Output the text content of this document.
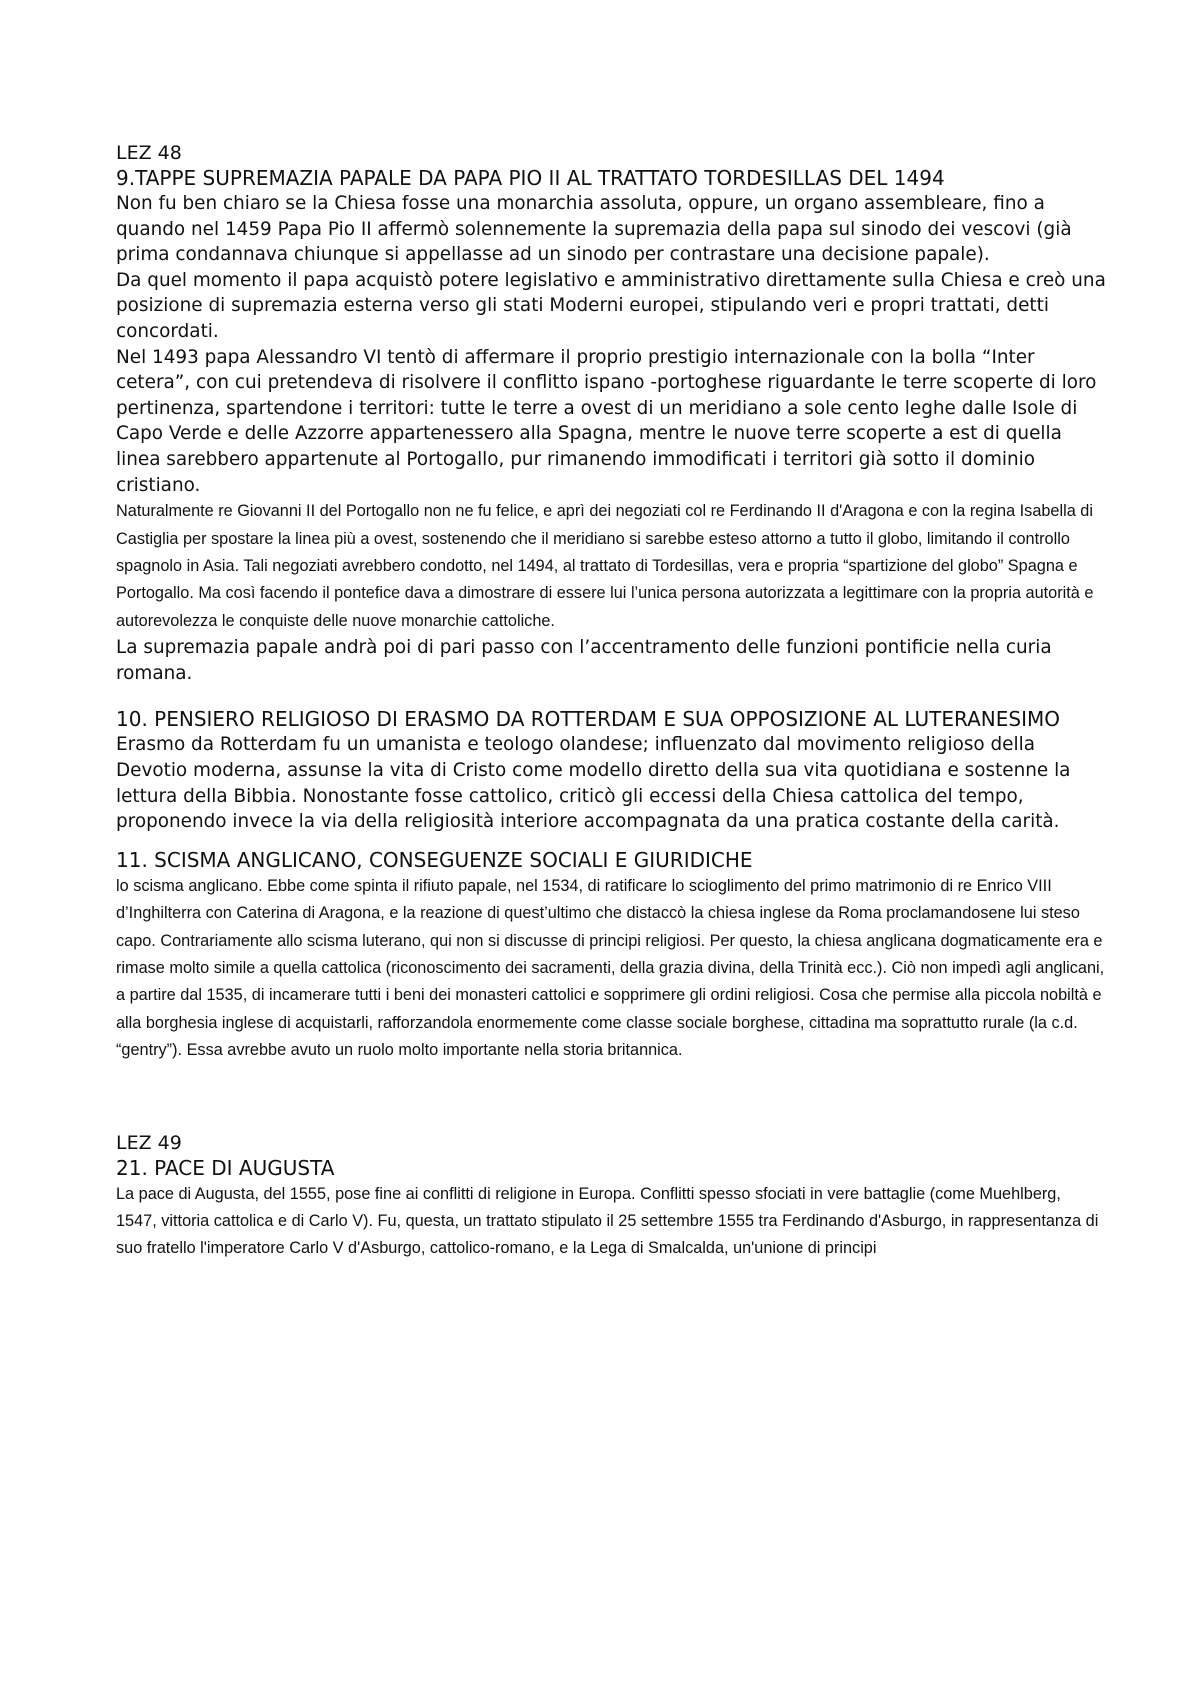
LEZ 48

9.TAPPE SUPREMAZIA PAPALE DA PAPA PIO II AL TRATTATO TORDESILLAS DEL 1494

Non fu ben chiaro se la Chiesa fosse una monarchia assoluta, oppure, un organo assembleare, fino a quando nel 1459 Papa Pio II affermò solennemente la supremazia della papa sul sinodo dei vescovi (già prima condannava chiunque si appellasse ad un sinodo per contrastare una decisione papale).

Da quel momento il papa acquistò potere legislativo e amministrativo direttamente sulla Chiesa e creò una posizione di supremazia esterna verso gli stati Moderni europei, stipulando veri e propri trattati, detti concordati.

Nel 1493 papa Alessandro VI tentò di affermare il proprio prestigio internazionale con la bolla “Inter cetera”, con cui pretendeva di risolvere il conflitto ispano -portoghese riguardante le terre scoperte di loro pertinenza, spartendone i territori: tutte le terre a ovest di un meridiano a sole cento leghe dalle Isole di Capo Verde e delle Azzorre appartenessero alla Spagna, mentre le nuove terre scoperte a est di quella linea sarebbero appartenute al Portogallo, pur rimanendo immodificati i territori già sotto il dominio cristiano.

Naturalmente re Giovanni II del Portogallo non ne fu felice, e aprì dei negoziati col re Ferdinando II d'Aragona e con la regina Isabella di Castiglia per spostare la linea più a ovest, sostenendo che il meridiano si sarebbe esteso attorno a tutto il globo, limitando il controllo spagnolo in Asia. Tali negoziati avrebbero condotto, nel 1494, al trattato di Tordesillas, vera e propria “spartizione del globo” Spagna e Portogallo. Ma così facendo il pontefice dava a dimostrare di essere lui l’unica persona autorizzata a legittimare con la propria autorità e autorevolezza le conquiste delle nuove monarchie cattoliche.

La supremazia papale andrà poi di pari passo con l’accentramento delle funzioni pontificie nella curia romana.

10. PENSIERO RELIGIOSO DI ERASMO DA ROTTERDAM E SUA OPPOSIZIONE AL LUTERANESIMO

Erasmo da Rotterdam fu un umanista e teologo olandese; influenzato dal movimento religioso della Devotio moderna, assunse la vita di Cristo come modello diretto della sua vita quotidiana e sostenne la lettura della Bibbia. Nonostante fosse cattolico, criticò gli eccessi della Chiesa cattolica del tempo, proponendo invece la via della religiosità interiore accompagnata da una pratica costante della carità.

11. SCISMA ANGLICANO, CONSEGUENZE SOCIALI E GIURIDICHE

lo scisma anglicano. Ebbe come spinta il rifiuto papale, nel 1534, di ratificare lo scioglimento del primo matrimonio di re Enrico VIII d’Inghilterra con Caterina di Aragona, e la reazione di quest’ultimo che distaccò la chiesa inglese da Roma proclamandosene lui steso capo. Contrariamente allo scisma luterano, qui non si discusse di principi religiosi. Per questo, la chiesa anglicana dogmaticamente era e rimase molto simile a quella cattolica (riconoscimento dei sacramenti, della grazia divina, della Trinità ecc.). Ciò non impedì agli anglicani, a partire dal 1535, di incamerare tutti i beni dei monasteri cattolici e sopprimere gli ordini religiosi. Cosa che permise alla piccola nobiltà e alla borghesia inglese di acquistarli, rafforzandola enormemente come classe sociale borghese, cittadina ma soprattutto rurale (la c.d. “gentry”). Essa avrebbe avuto un ruolo molto importante nella storia britannica.

LEZ 49

21. PACE DI AUGUSTA

La pace di Augusta, del 1555, pose fine ai conflitti di religione in Europa. Conflitti spesso sfociati in vere battaglie (come Muehlberg, 1547, vittoria cattolica e di Carlo V). Fu, questa, un trattato stipulato il 25 settembre 1555 tra Ferdinando d'Asburgo, in rappresentanza di suo fratello l'imperatore Carlo V d'Asburgo, cattolico-romano, e la Lega di Smalcalda, un'unione di principi
